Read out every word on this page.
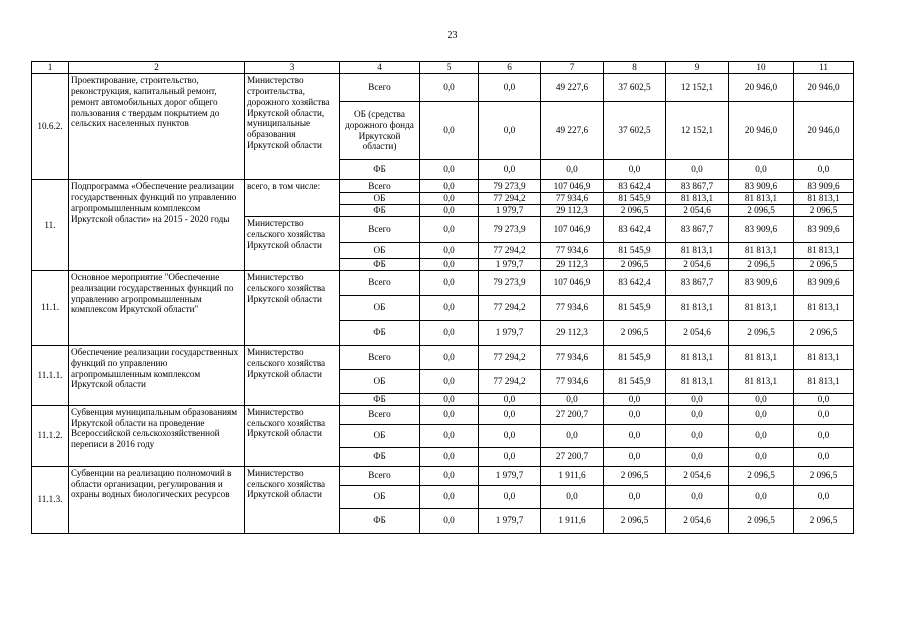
23
1	2	3	4	5	6	7	8	9	10	11
10.6.2.	Проектирование, строительство, реконструкция, капитальный ремонт, ремонт автомобильных дорог общего пользования с твердым покрытием до сельских населенных пунктов	Министерство строительства, дорожного хозяйства Иркутской области, муниципальные образования Иркутской области	Всего	0,0	0,0	49 227,6	37 602,5	12 152,1	20 946,0	20 946,0
			ОБ (средства дорожного фонда Иркутской области)	0,0	0,0	49 227,6	37 602,5	12 152,1	20 946,0	20 946,0
			ФБ	0,0	0,0	0,0	0,0	0,0	0,0	0,0
11.	Подпрограмма «Обеспечение реализации государственных функций по управлению агропромышленным комплексом Иркутской области» на 2015 - 2020 годы	всего, в том числе:	Всего	0,0	79 273,9	107 046,9	83 642,4	83 867,7	83 909,6	83 909,6
			ОБ	0,0	77 294,2	77 934,6	81 545,9	81 813,1	81 813,1	81 813,1
			ФБ	0,0	1 979,7	29 112,3	2 096,5	2 054,6	2 096,5	2 096,5
		Министерство сельского хозяйства Иркутской области	Всего	0,0	79 273,9	107 046,9	83 642,4	83 867,7	83 909,6	83 909,6
			ОБ	0,0	77 294,2	77 934,6	81 545,9	81 813,1	81 813,1	81 813,1
			ФБ	0,0	1 979,7	29 112,3	2 096,5	2 054,6	2 096,5	2 096,5
11.1.	Основное мероприятие "Обеспечение реализации государственных функций по управлению агропромышленным комплексом Иркутской области"	Министерство сельского хозяйства Иркутской области	Всего	0,0	79 273,9	107 046,9	83 642,4	83 867,7	83 909,6	83 909,6
			ОБ	0,0	77 294,2	77 934,6	81 545,9	81 813,1	81 813,1	81 813,1
			ФБ	0,0	1 979,7	29 112,3	2 096,5	2 054,6	2 096,5	2 096,5
11.1.1.	Обеспечение реализации государственных функций по управлению агропромышленным комплексом Иркутской области	Министерство сельского хозяйства Иркутской области	Всего	0,0	77 294,2	77 934,6	81 545,9	81 813,1	81 813,1	81 813,1
			ОБ	0,0	77 294,2	77 934,6	81 545,9	81 813,1	81 813,1	81 813,1
			ФБ	0,0	0,0	0,0	0,0	0,0	0,0	0,0
11.1.2.	Субвенция муниципальным образованиям Иркутской области на проведение Всероссийской сельскохозяйственной переписи в 2016 году	Министерство сельского хозяйства Иркутской области	Всего	0,0	0,0	27 200,7	0,0	0,0	0,0	0,0
			ОБ	0,0	0,0	0,0	0,0	0,0	0,0	0,0
			ФБ	0,0	0,0	27 200,7	0,0	0,0	0,0	0,0
11.1.3.	Субвенции на реализацию полномочий в области организации, регулирования и охраны водных биологических ресурсов	Министерство сельского хозяйства Иркутской области	Всего	0,0	1 979,7	1 911,6	2 096,5	2 054,6	2 096,5	2 096,5
			ОБ	0,0	0,0	0,0	0,0	0,0	0,0	0,0
			ФБ	0,0	1 979,7	1 911,6	2 096,5	2 054,6	2 096,5	2 096,5
